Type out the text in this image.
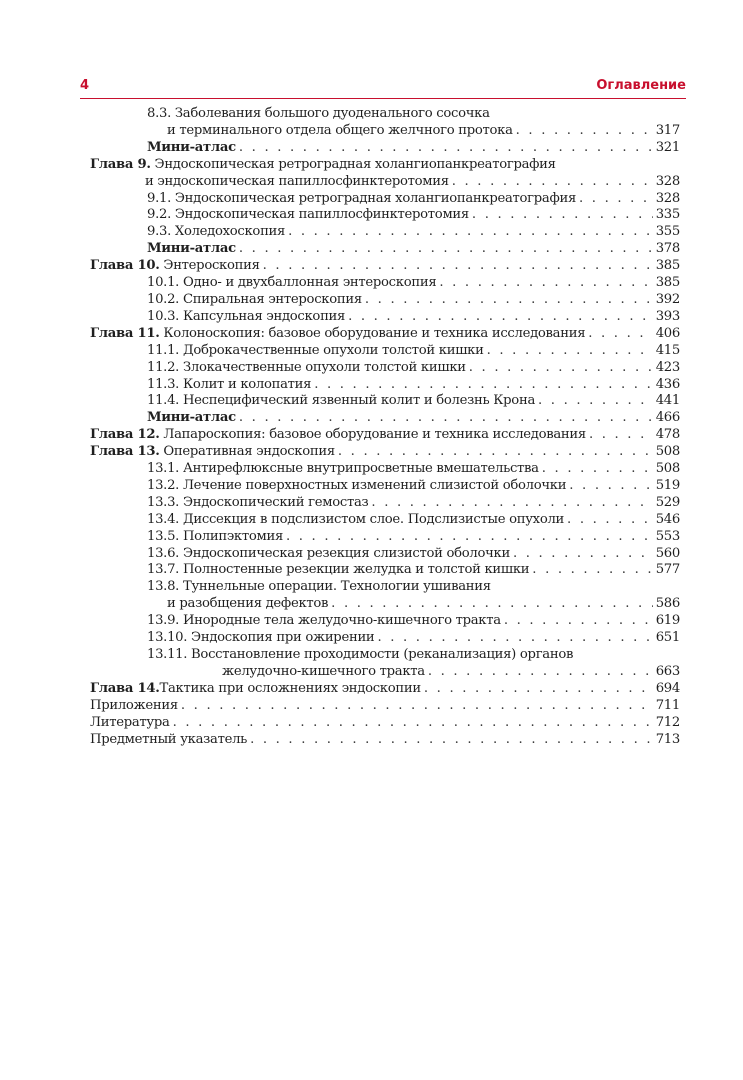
4	Оглавление
8.3. Заболевания большого дуоденального сосочка
и терминального отдела общего желчного протока . . .	317
Мини-атлас . . .	321
Глава 9. Эндоскопическая ретроградная холангиопанкреатография
и эндоскопическая папиллосфинктеротомия . . .	328
9.1. Эндоскопическая ретроградная холангиопанкреатография . . .	328
9.2. Эндоскопическая папиллосфинктеротомия . . .	335
9.3. Холедохоскопия . . .	355
Мини-атлас . . .	378
Глава 10. Энтероскопия . . .	385
10.1. Одно- и двухбаллонная энтероскопия . . .	385
10.2. Спиральная энтероскопия . . .	392
10.3. Капсульная эндоскопия . . .	393
Глава 11. Колоноскопия: базовое оборудование и техника исследования . . .	406
11.1. Доброкачественные опухоли толстой кишки . . .	415
11.2. Злокачественные опухоли толстой кишки . . .	423
11.3. Колит и колопатия . . .	436
11.4. Неспецифический язвенный колит и болезнь Крона . . .	441
Мини-атлас . . .	466
Глава 12. Лапароскопия: базовое оборудование и техника исследования . . .	478
Глава 13. Оперативная эндоскопия . . .	508
13.1. Антирефлюксные внутрипросветные вмешательства . . .	508
13.2. Лечение поверхностных изменений слизистой оболочки . . .	519
13.3. Эндоскопический гемостаз . . .	529
13.4. Диссекция в подслизистом слое. Подслизистые опухоли . . .	546
13.5. Полипэктомия . . .	553
13.6. Эндоскопическая резекция слизистой оболочки . . .	560
13.7. Полностенные резекции желудка и толстой кишки . . .	577
13.8. Туннельные операции. Технологии ушивания
и разобщения дефектов . . .	586
13.9. Инородные тела желудочно-кишечного тракта . . .	619
13.10. Эндоскопия при ожирении . . .	651
13.11. Восстановление проходимости (реканализация) органов
желудочно-кишечного тракта . . .	663
Глава 14.Тактика при осложнениях эндоскопии . . .	694
Приложения . . .	711
Литература . . .	712
Предметный указатель . . .	713
